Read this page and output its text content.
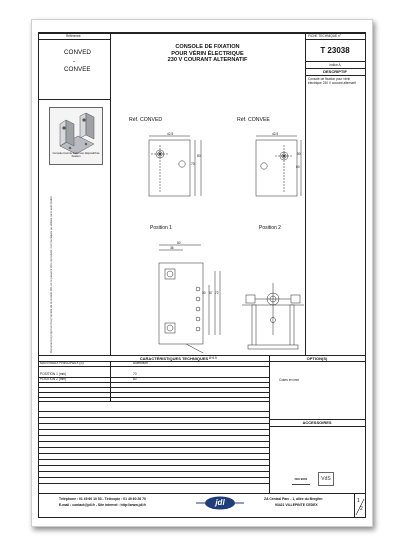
Référence
CONVED
-
CONVEE
CONSOLE DE FIXATION
POUR VÉRIN ÉLECTRIQUE
230 V COURANT ALTERNATIF
FICHE TECHNIQUE n°
T 23038
indice A
DESCRIPTIF
Console de fixation pour vérin électrique 230 V courant alternatif
Document et projet sont la propriété de la société JDL et ne peuvent être reproduits, communiqués ou utilisés sans autorisation
Console fournie sans son dispositif de fixation
Réf. CONVED	Réf. CONVEE
42.5	42.5
70
80	80
60
Position 1	Position 2
50
36
30 57 72
Ø 6.5
Cotes en mm
CARACTÉRISTIQUES TECHNIQUES	OPTION(S)
MATERIAUX PRINCIPAUX (S)	Aluminium
POSITION 1 (mm)	70
POSITION 2 (mm)	60
ACCESSOIRES
ISO 9001	VdS
Téléphone : 01 49 60 10 53 - Télécopie : 01 49 60 26 70
E-mail : contact@jdl.fr - Site internet : http://www.jdl.fr	jdl	ZA Central Parc - 1, allée du Bergfen
93421 VILLEPINTE CEDEX
1
2
